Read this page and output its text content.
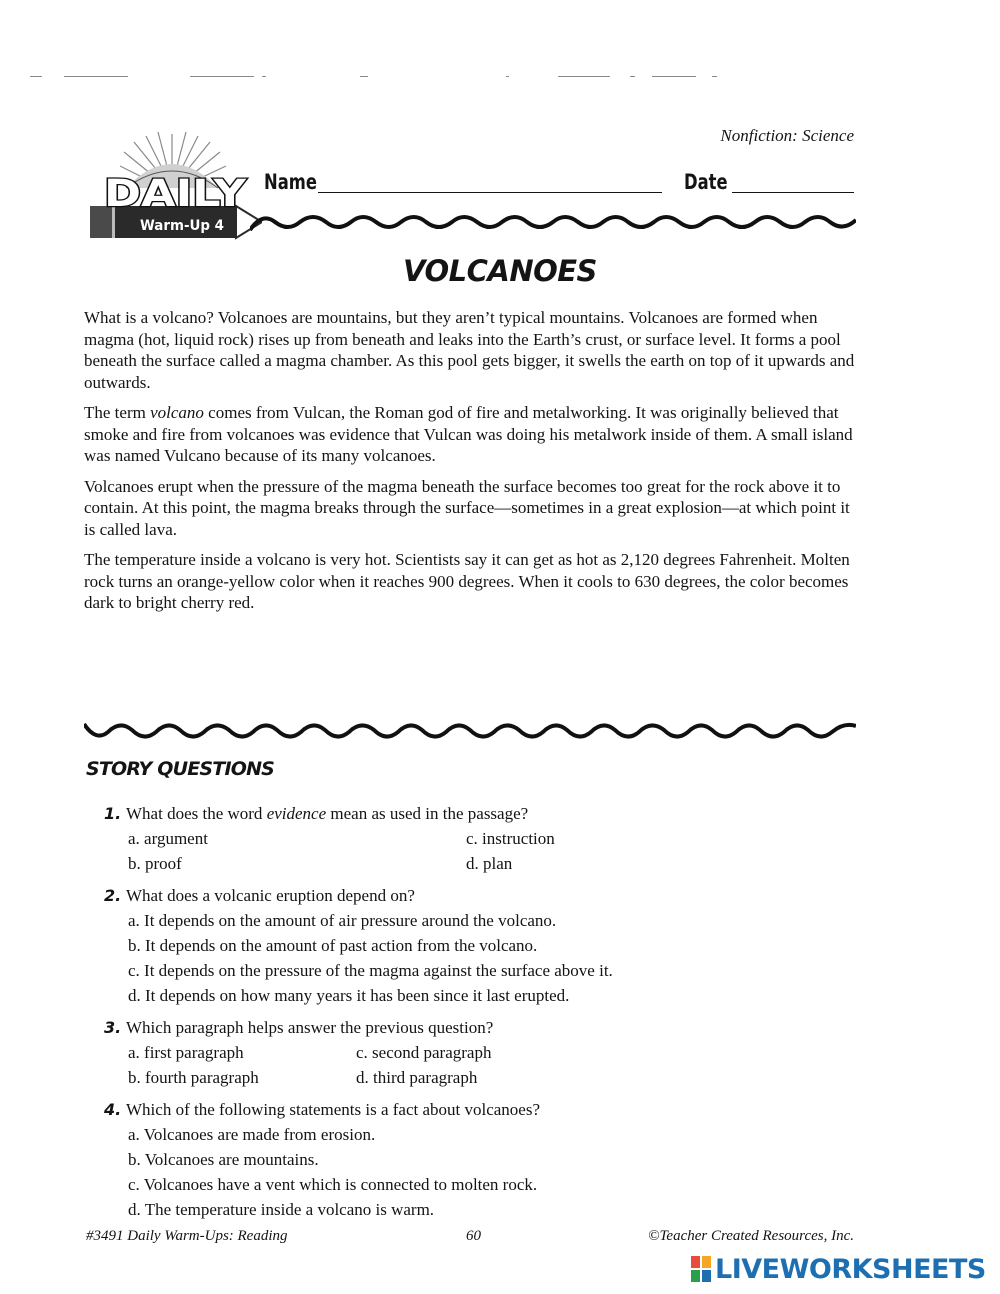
Nonfiction: Science
DAILY
Warm-Up 4
Name	Date
VOLCANOES

What is a volcano? Volcanoes are mountains, but they aren’t typical mountains. Volcanoes are formed when magma (hot, liquid rock) rises up from beneath and leaks into the Earth’s crust, or surface level. It forms a pool beneath the surface called a magma chamber. As this pool gets bigger, it swells the earth on top of it upwards and outwards.

The term volcano comes from Vulcan, the Roman god of fire and metalworking. It was originally believed that smoke and fire from volcanoes was evidence that Vulcan was doing his metalwork inside of them. A small island was named Vulcano because of its many volcanoes.

Volcanoes erupt when the pressure of the magma beneath the surface becomes too great for the rock above it to contain. At this point, the magma breaks through the surface—sometimes in a great explosion—at which point it is called lava.

The temperature inside a volcano is very hot. Scientists say it can get as hot as 2,120 degrees Fahrenheit. Molten rock turns an orange-yellow color when it reaches 900 degrees. When it cools to 630 degrees, the color becomes dark to bright cherry red.

STORY QUESTIONS
1. What does the word evidence mean as used in the passage?
a. argument	c. instruction
b. proof	d. plan
2. What does a volcanic eruption depend on?
a. It depends on the amount of air pressure around the volcano.
b. It depends on the amount of past action from the volcano.
c. It depends on the pressure of the magma against the surface above it.
d. It depends on how many years it has been since it last erupted.
3. Which paragraph helps answer the previous question?
a. first paragraph	c. second paragraph
b. fourth paragraph	d. third paragraph
4. Which of the following statements is a fact about volcanoes?
a. Volcanoes are made from erosion.
b. Volcanoes are mountains.
c. Volcanoes have a vent which is connected to molten rock.
d. The temperature inside a volcano is warm.
#3491 Daily Warm-Ups: Reading	60	©Teacher Created Resources, Inc.
LIVEWORKSHEETS
